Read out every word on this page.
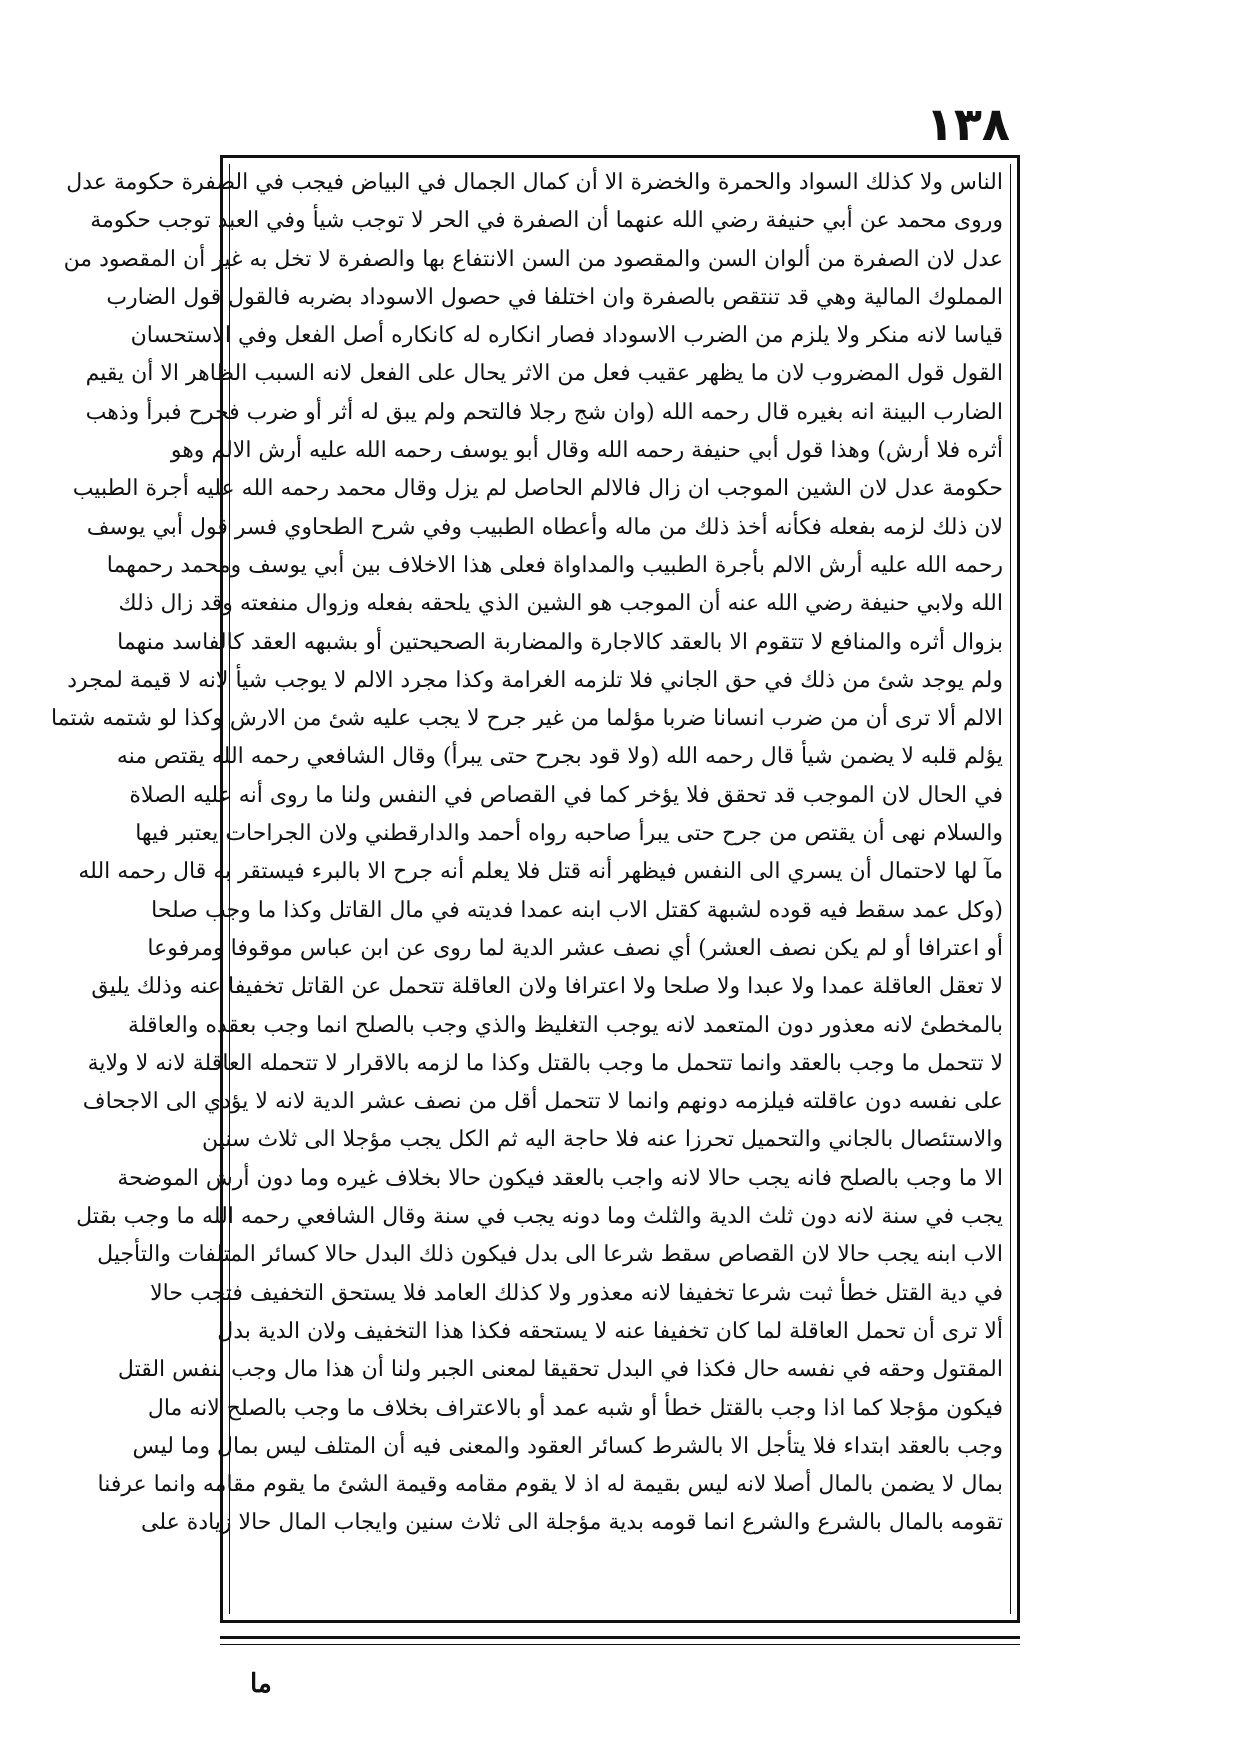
١٣٨
الناس ولا كذلك السواد والحمرة والخضرة الا أن كمال الجمال في البياض فيجب في الصفرة حكومة عدل
وروى محمد عن أبي حنيفة رضي الله عنهما أن الصفرة في الحر لا توجب شيأ وفي العبد توجب حكومة
عدل لان الصفرة من ألوان السن والمقصود من السن الانتفاع بها والصفرة لا تخل به غير أن المقصود من
المملوك المالية وهي قد تنتقص بالصفرة وان اختلفا في حصول الاسوداد بضربه فالقول قول الضارب
قياسا لانه منكر ولا يلزم من الضرب الاسوداد فصار انكاره له كانكاره أصل الفعل وفي الاستحسان
القول قول المضروب لان ما يظهر عقيب فعل من الاثر يحال على الفعل لانه السبب الظاهر الا أن يقيم
الضارب البينة انه بغيره قال رحمه الله (وان شج رجلا فالتحم ولم يبق له أثر أو ضرب فجرح فبرأ وذهب
أثره فلا أرش) وهذا قول أبي حنيفة رحمه الله وقال أبو يوسف رحمه الله عليه أرش الالم وهو
حكومة عدل لان الشين الموجب ان زال فالالم الحاصل لم يزل وقال محمد رحمه الله عليه أجرة الطبيب
لان ذلك لزمه بفعله فكأنه أخذ ذلك من ماله وأعطاه الطبيب وفي شرح الطحاوي فسر قول أبي يوسف
رحمه الله عليه أرش الالم بأجرة الطبيب والمداواة فعلى هذا الاخلاف بين أبي يوسف ومحمد رحمهما
الله ولابي حنيفة رضي الله عنه أن الموجب هو الشين الذي يلحقه بفعله وزوال منفعته وقد زال ذلك
بزوال أثره والمنافع لا تتقوم الا بالعقد كالاجارة والمضاربة الصحيحتين أو بشبهه العقد كالفاسد منهما
ولم يوجد شئ من ذلك في حق الجاني فلا تلزمه الغرامة وكذا مجرد الالم لا يوجب شيأ لانه لا قيمة لمجرد
الالم ألا ترى أن من ضرب انسانا ضربا مؤلما من غير جرح لا يجب عليه شئ من الارش وكذا لو شتمه شتما
يؤلم قلبه لا يضمن شيأ قال رحمه الله (ولا قود بجرح حتى يبرأ) وقال الشافعي رحمه الله يقتص منه
في الحال لان الموجب قد تحقق فلا يؤخر كما في القصاص في النفس ولنا ما روى أنه عليه الصلاة
والسلام نهى أن يقتص من جرح حتى يبرأ صاحبه رواه أحمد والدارقطني ولان الجراحات يعتبر فيها
مآ لها لاحتمال أن يسري الى النفس فيظهر أنه قتل فلا يعلم أنه جرح الا بالبرء فيستقر به قال رحمه الله
(وكل عمد سقط فيه قوده لشبهة كقتل الاب ابنه عمدا فديته في مال القاتل وكذا ما وجب صلحا
أو اعترافا أو لم يكن نصف العشر) أي نصف عشر الدية لما روى عن ابن عباس موقوفا ومرفوعا
لا تعقل العاقلة عمدا ولا عبدا ولا صلحا ولا اعترافا ولان العاقلة تتحمل عن القاتل تخفيفا عنه وذلك يليق
بالمخطئ لانه معذور دون المتعمد لانه يوجب التغليظ والذي وجب بالصلح انما وجب بعقده والعاقلة
لا تتحمل ما وجب بالعقد وانما تتحمل ما وجب بالقتل وكذا ما لزمه بالاقرار لا تتحمله العاقلة لانه لا ولاية
على نفسه دون عاقلته فيلزمه دونهم وانما لا تتحمل أقل من نصف عشر الدية لانه لا يؤدي الى الاجحاف
والاستئصال بالجاني والتحميل تحرزا عنه فلا حاجة اليه ثم الكل يجب مؤجلا الى ثلاث سنين
الا ما وجب بالصلح فانه يجب حالا لانه واجب بالعقد فيكون حالا بخلاف غيره وما دون أرش الموضحة
يجب في سنة لانه دون ثلث الدية والثلث وما دونه يجب في سنة وقال الشافعي رحمه الله ما وجب بقتل
الاب ابنه يجب حالا لان القصاص سقط شرعا الى بدل فيكون ذلك البدل حالا كسائر المتلفات والتأجيل
في دية القتل خطأ ثبت شرعا تخفيفا لانه معذور ولا كذلك العامد فلا يستحق التخفيف فتجب حالا
ألا ترى أن تحمل العاقلة لما كان تخفيفا عنه لا يستحقه فكذا هذا التخفيف ولان الدية بدل
المقتول وحقه في نفسه حال فكذا في البدل تحقيقا لمعنى الجبر ولنا أن هذا مال وجب بنفس القتل
فيكون مؤجلا كما اذا وجب بالقتل خطأ أو شبه عمد أو بالاعتراف بخلاف ما وجب بالصلح لانه مال
وجب بالعقد ابتداء فلا يتأجل الا بالشرط كسائر العقود والمعنى فيه أن المتلف ليس بمال وما ليس
بمال لا يضمن بالمال أصلا لانه ليس بقيمة له اذ لا يقوم مقامه وقيمة الشئ ما يقوم مقامه وانما عرفنا
تقومه بالمال بالشرع والشرع انما قومه بدية مؤجلة الى ثلاث سنين وايجاب المال حالا زيادة على
ما
